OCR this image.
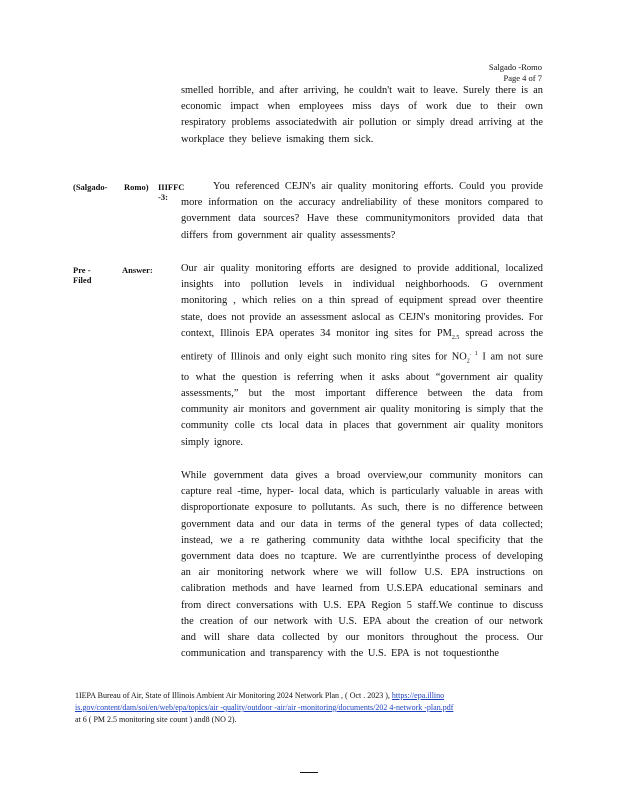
Salgado -Romo
Page 4 of 7
smelled horrible, and after arriving, he couldn't wait to leave. Surely there is an economic impact when employees miss days of work due to their own respiratory problems associatedwith air pollution or simply dread arriving at the workplace they believe ismaking them sick.
(Salgado- Romo) IIIFFC -3:
You referenced CEJN's air quality monitoring efforts. Could you provide more information on the accuracy andreliability of these monitors compared to government data sources? Have these communitymonitors provided data that differs from government air quality assessments?
Pre - Filed
Answer:	Our air quality monitoring efforts are designed to provide additional, localized insights into pollution levels in individual neighborhoods. G overnment monitoring , which relies on a thin spread of equipment spread over theentire state, does not provide an assessment aslocal as CEJN's monitoring provides. For context, Illinois EPA operates 34 monitor ing sites for $PM_{2.5}$ spread across the entirety of Illinois and only eight such monito ring sites for $NO_2^{. 1}$ I am not sure to what the question is referring when it asks about “government air quality assessments,” but the most important difference between the data from community air monitors and government air quality monitoring is simply that the community colle cts local data in places that government air quality monitors simply ignore.
While government data gives a broad overview,our community monitors can capture real -time, hyper- local data, which is particularly valuable in areas with disproportionate exposure to pollutants. As such, there is no difference between government data and our data in terms of the general types of data collected; instead, we a re gathering community data withthe local specificity that the government data does no tcapture. We are currentlyinthe process of developing an air monitoring network where we will follow U.S. EPA instructions on calibration methods and have learned from U.S.EPA educational seminars and from direct conversations with U.S. EPA Region 5 staff.We continue to discuss the creation of our network with U.S. EPA about the creation of our network and will share data collected by our monitors throughout the process. Our communication and transparency with the U.S. EPA is not toquestionthe
1IEPA Bureau of Air, State of Illinois Ambient Air Monitoring 2024 Network Plan , ( Oct . 2023 ), https://epa.illino
is.gov/content/dam/soi/en/web/epa/topics/air -quality/outdoor -air/air -monitoring/documents/202 4-network -plan.pdf
at 6 ( PM 2.5 monitoring site count ) and8 (NO 2).
